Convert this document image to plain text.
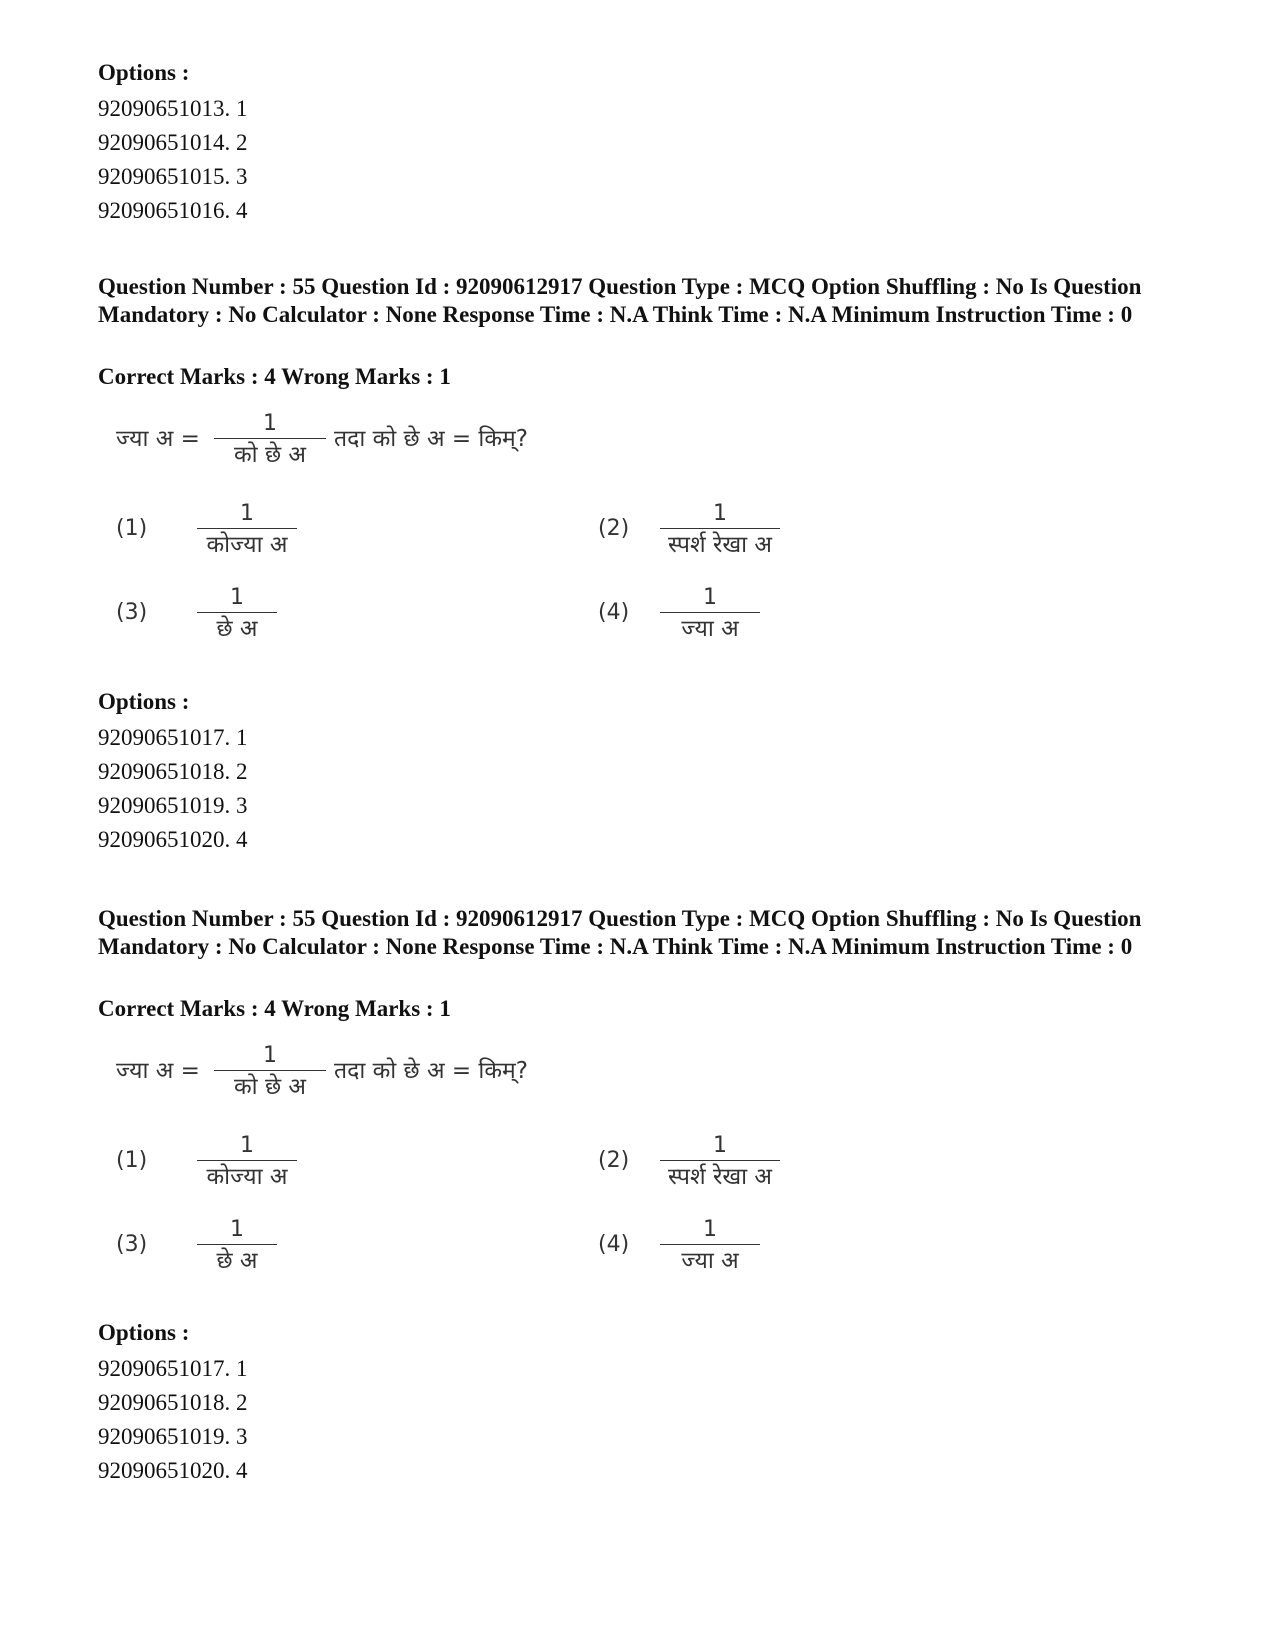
Options :
92090651013. 1
92090651014. 2
92090651015. 3
92090651016. 4
Question Number : 55 Question Id : 92090612917 Question Type : MCQ Option Shuffling : No Is Question Mandatory : No Calculator : None Response Time : N.A Think Time : N.A Minimum Instruction Time : 0
Correct Marks : 4 Wrong Marks : 1
ज्या अ =
1
को छे अ
तदा को छे अ = किम्?
(1)
1
कोज्या अ
(2)
1
स्पर्श रेखा अ
(3)
1
छे अ
(4)
1
ज्या अ
Options :
92090651017. 1
92090651018. 2
92090651019. 3
92090651020. 4
Question Number : 55 Question Id : 92090612917 Question Type : MCQ Option Shuffling : No Is Question Mandatory : No Calculator : None Response Time : N.A Think Time : N.A Minimum Instruction Time : 0
Correct Marks : 4 Wrong Marks : 1
ज्या अ =
1
को छे अ
तदा को छे अ = किम्?
(1)
1
कोज्या अ
(2)
1
स्पर्श रेखा अ
(3)
1
छे अ
(4)
1
ज्या अ
Options :
92090651017. 1
92090651018. 2
92090651019. 3
92090651020. 4
